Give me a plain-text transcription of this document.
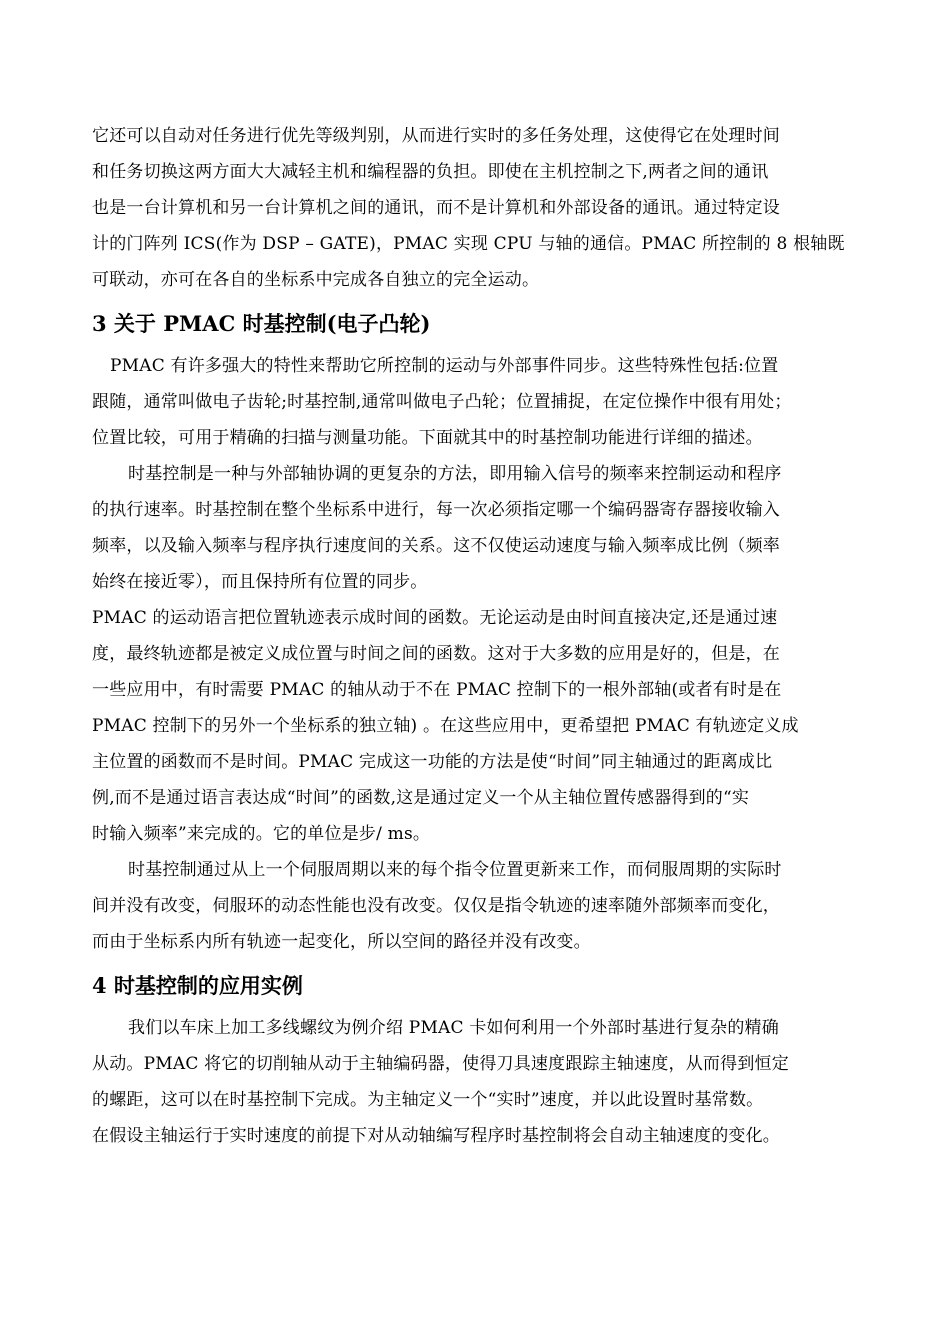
它还可以自动对任务进行优先等级判别，从而进行实时的多任务处理，这使得它在处理时间
和任务切换这两方面大大减轻主机和编程器的负担。即使在主机控制之下,两者之间的通讯
也是一台计算机和另一台计算机之间的通讯，而不是计算机和外部设备的通讯。通过特定设
计的门阵列 ICS(作为 DSP – GATE)，PMAC 实现 CPU 与轴的通信。PMAC 所控制的 8 根轴既
可联动，亦可在各自的坐标系中完成各自独立的完全运动。
3 关于 PMAC 时基控制(电子凸轮)
PMAC 有许多强大的特性来帮助它所控制的运动与外部事件同步。这些特殊性包括:位置
跟随，通常叫做电子齿轮;时基控制,通常叫做电子凸轮；位置捕捉，在定位操作中很有用处；
位置比较，可用于精确的扫描与测量功能。下面就其中的时基控制功能进行详细的描述。
时基控制是一种与外部轴协调的更复杂的方法，即用输入信号的频率来控制运动和程序
的执行速率。时基控制在整个坐标系中进行，每一次必须指定哪一个编码器寄存器接收输入
频率，以及输入频率与程序执行速度间的关系。这不仅使运动速度与输入频率成比例（频率
始终在接近零），而且保持所有位置的同步。
PMAC 的运动语言把位置轨迹表示成时间的函数。无论运动是由时间直接决定,还是通过速
度，最终轨迹都是被定义成位置与时间之间的函数。这对于大多数的应用是好的，但是，在
一些应用中，有时需要 PMAC 的轴从动于不在 PMAC 控制下的一根外部轴(或者有时是在
PMAC 控制下的另外一个坐标系的独立轴) 。在这些应用中，更希望把 PMAC 有轨迹定义成
主位置的函数而不是时间。PMAC 完成这一功能的方法是使“时间”同主轴通过的距离成比
例,而不是通过语言表达成“时间”的函数,这是通过定义一个从主轴位置传感器得到的“实
时输入频率”来完成的。它的单位是步/ ms。
时基控制通过从上一个伺服周期以来的每个指令位置更新来工作，而伺服周期的实际时
间并没有改变，伺服环的动态性能也没有改变。仅仅是指令轨迹的速率随外部频率而变化，
而由于坐标系内所有轨迹一起变化，所以空间的路径并没有改变。
4 时基控制的应用实例
我们以车床上加工多线螺纹为例介绍 PMAC 卡如何利用一个外部时基进行复杂的精确
从动。PMAC 将它的切削轴从动于主轴编码器，使得刀具速度跟踪主轴速度，从而得到恒定
的螺距，这可以在时基控制下完成。为主轴定义一个“实时”速度，并以此设置时基常数。
在假设主轴运行于实时速度的前提下对从动轴编写程序时基控制将会自动主轴速度的变化。
